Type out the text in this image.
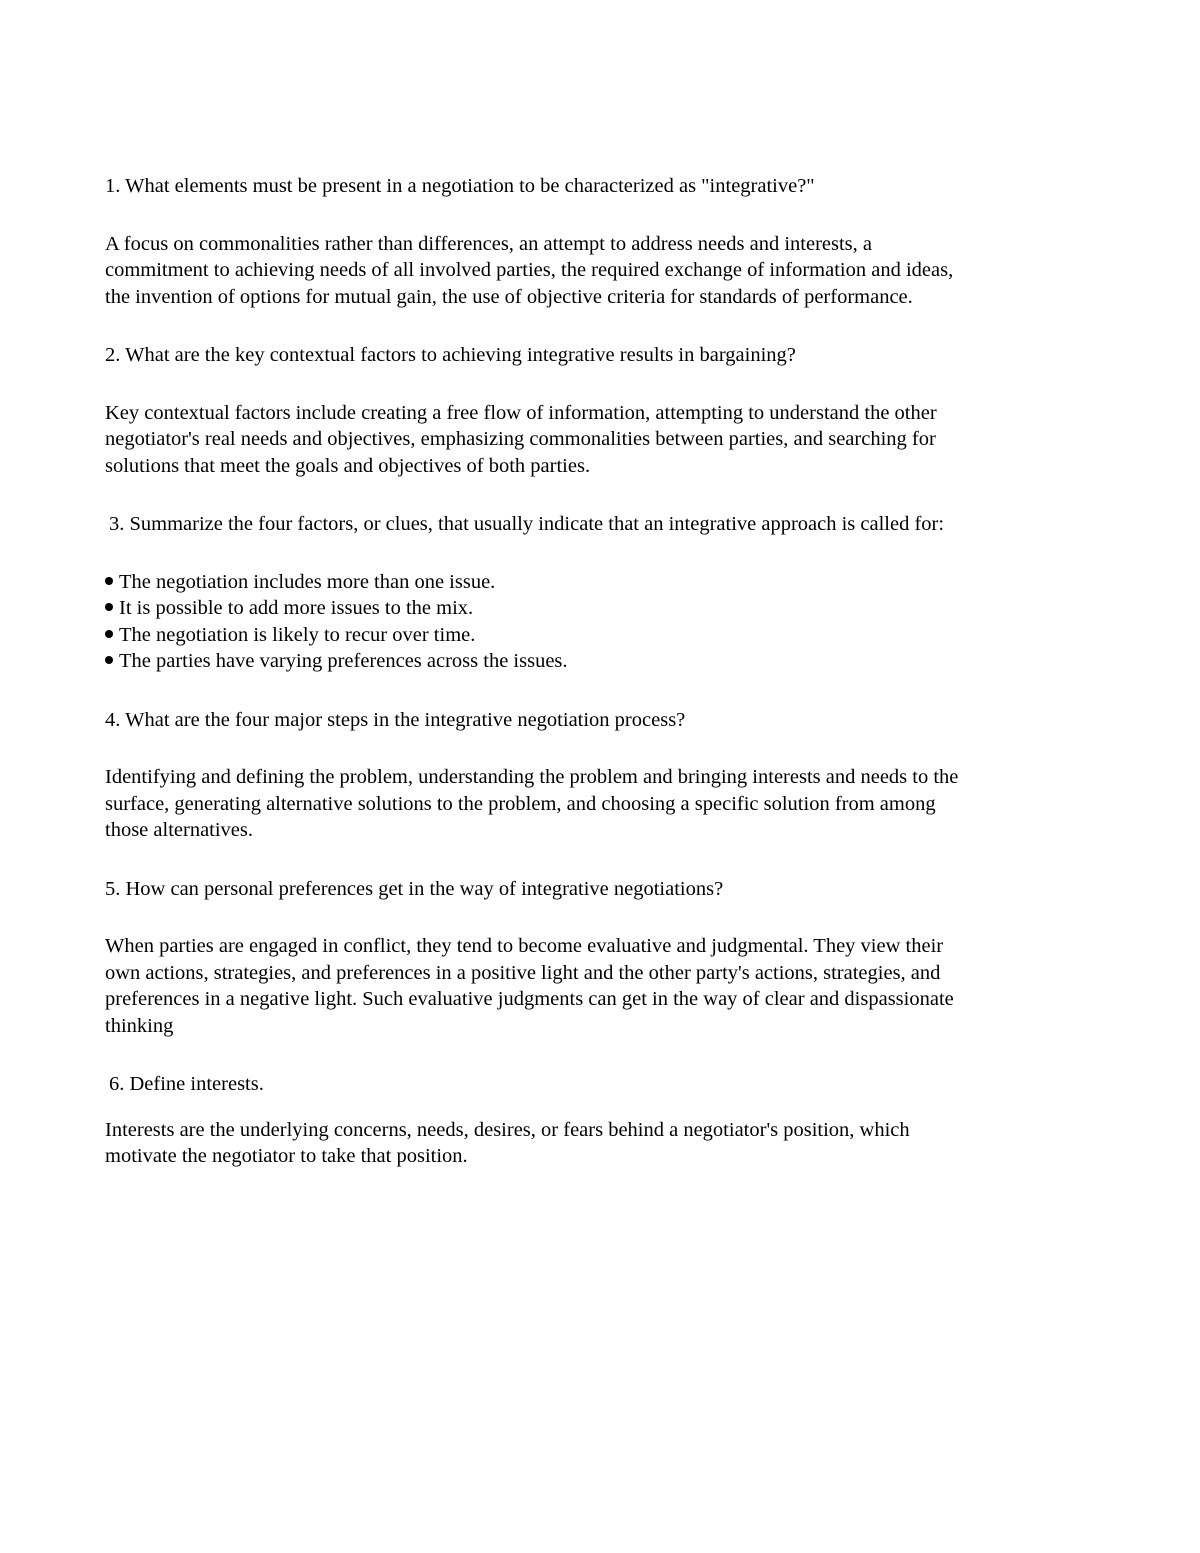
1. What elements must be present in a negotiation to be characterized as "integrative?"

A focus on commonalities rather than differences, an attempt to address needs and interests, a
commitment to achieving needs of all involved parties, the required exchange of information and ideas,
the invention of options for mutual gain, the use of objective criteria for standards of performance.

2. What are the key contextual factors to achieving integrative results in bargaining?

Key contextual factors include creating a free flow of information, attempting to understand the other
negotiator's real needs and objectives, emphasizing commonalities between parties, and searching for
solutions that meet the goals and objectives of both parties.

3. Summarize the four factors, or clues, that usually indicate that an integrative approach is called for:

The negotiation includes more than one issue.
It is possible to add more issues to the mix.
The negotiation is likely to recur over time.
The parties have varying preferences across the issues.

4. What are the four major steps in the integrative negotiation process?

Identifying and defining the problem, understanding the problem and bringing interests and needs to the
surface, generating alternative solutions to the problem, and choosing a specific solution from among
those alternatives.

5. How can personal preferences get in the way of integrative negotiations?

When parties are engaged in conflict, they tend to become evaluative and judgmental. They view their
own actions, strategies, and preferences in a positive light and the other party's actions, strategies, and
preferences in a negative light. Such evaluative judgments can get in the way of clear and dispassionate
thinking

6. Define interests.

Interests are the underlying concerns, needs, desires, or fears behind a negotiator's position, which
motivate the negotiator to take that position.
